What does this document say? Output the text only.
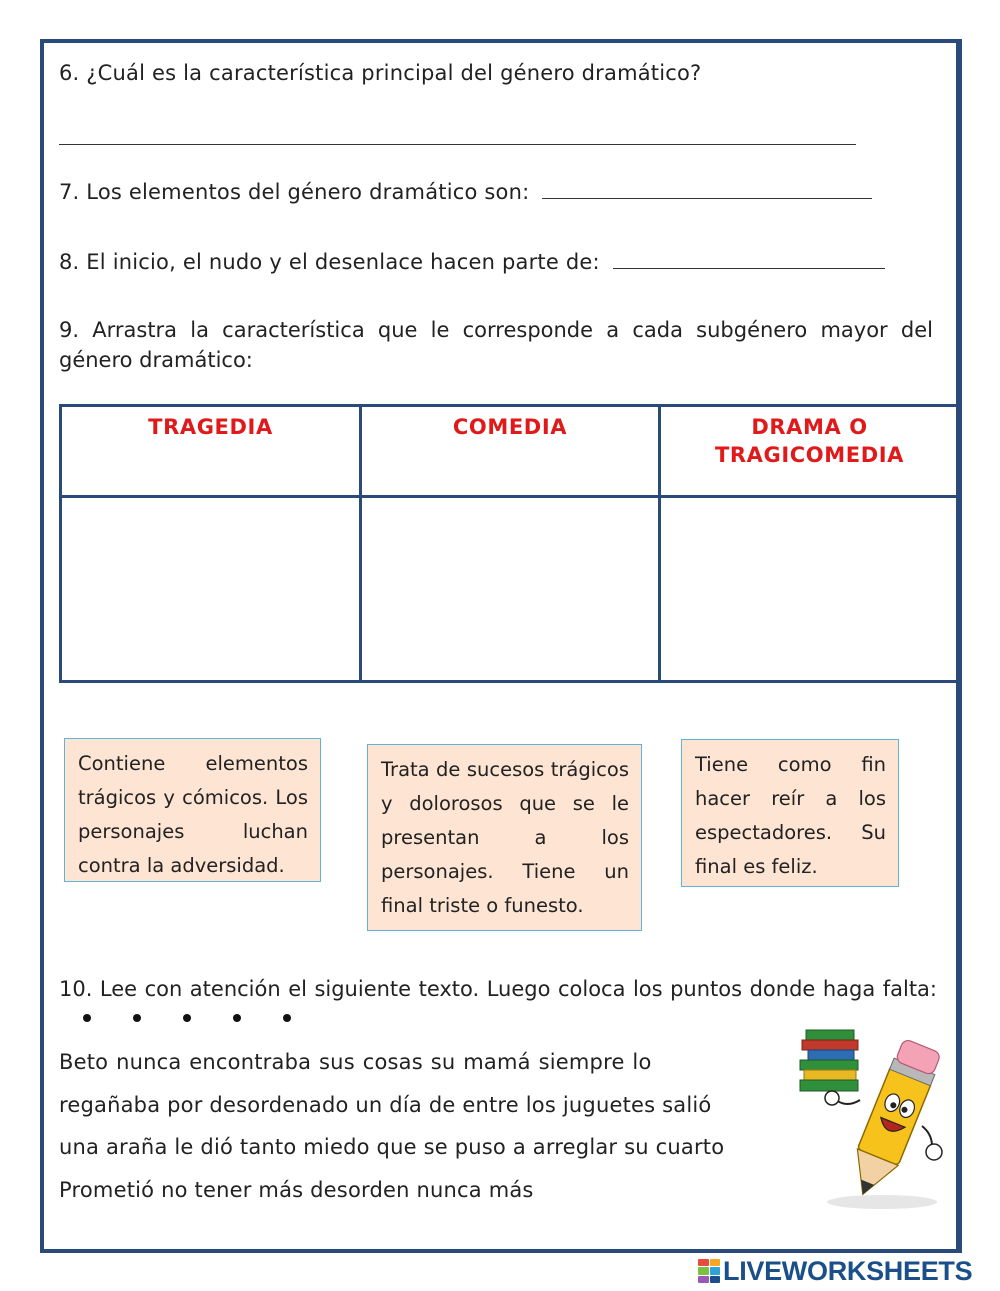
6. ¿Cuál es la característica principal del género dramático?
7. Los elementos del género dramático son:
8. El inicio, el nudo y el desenlace hacen parte de:
9. Arrastra la característica que le corresponde a cada subgénero mayor del género dramático:
TRAGEDIA	COMEDIA	DRAMA O TRAGICOMEDIA
Contiene elementos trágicos y cómicos. Los personajes luchan contra la adversidad.
Trata de sucesos trágicos y dolorosos que se le presentan a los personajes. Tiene un final triste o funesto.
Tiene como fin hacer reír a los espectadores. Su final es feliz.
10. Lee con atención el siguiente texto. Luego coloca los puntos donde haga falta:
Beto nunca encontraba sus cosas su mamá siempre lo
regañaba por desordenado un día de entre los juguetes salió
una araña le dió tanto miedo que se puso a arreglar su cuarto
Prometió no tener más desorden nunca más
LIVEWORKSHEETS
